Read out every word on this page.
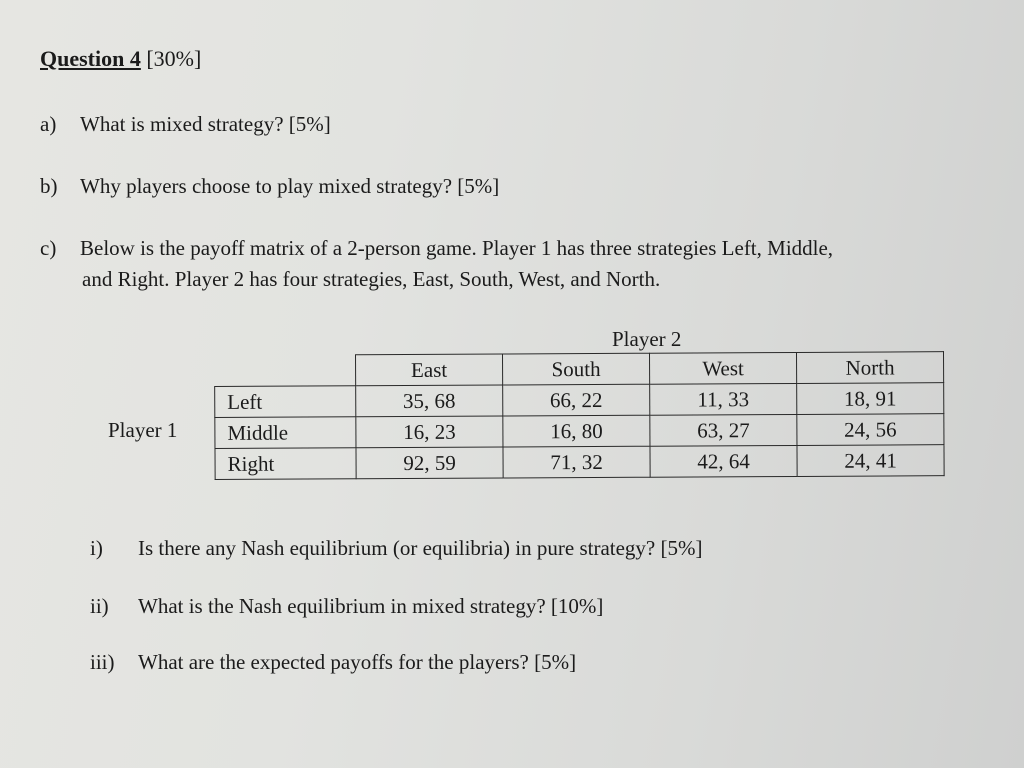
Question 4 [30%]
a) What is mixed strategy? [5%]
b) Why players choose to play mixed strategy? [5%]
c) Below is the payoff matrix of a 2-person game. Player 1 has three strategies Left, Middle,
and Right. Player 2 has four strategies, East, South, West, and North.
Player 2
Player 1
	East	South	West	North
Left	35, 68	66, 22	11, 33	18, 91
Middle	16, 23	16, 80	63, 27	24, 56
Right	92, 59	71, 32	42, 64	24, 41
i) Is there any Nash equilibrium (or equilibria) in pure strategy? [5%]
ii) What is the Nash equilibrium in mixed strategy? [10%]
iii) What are the expected payoffs for the players? [5%]
